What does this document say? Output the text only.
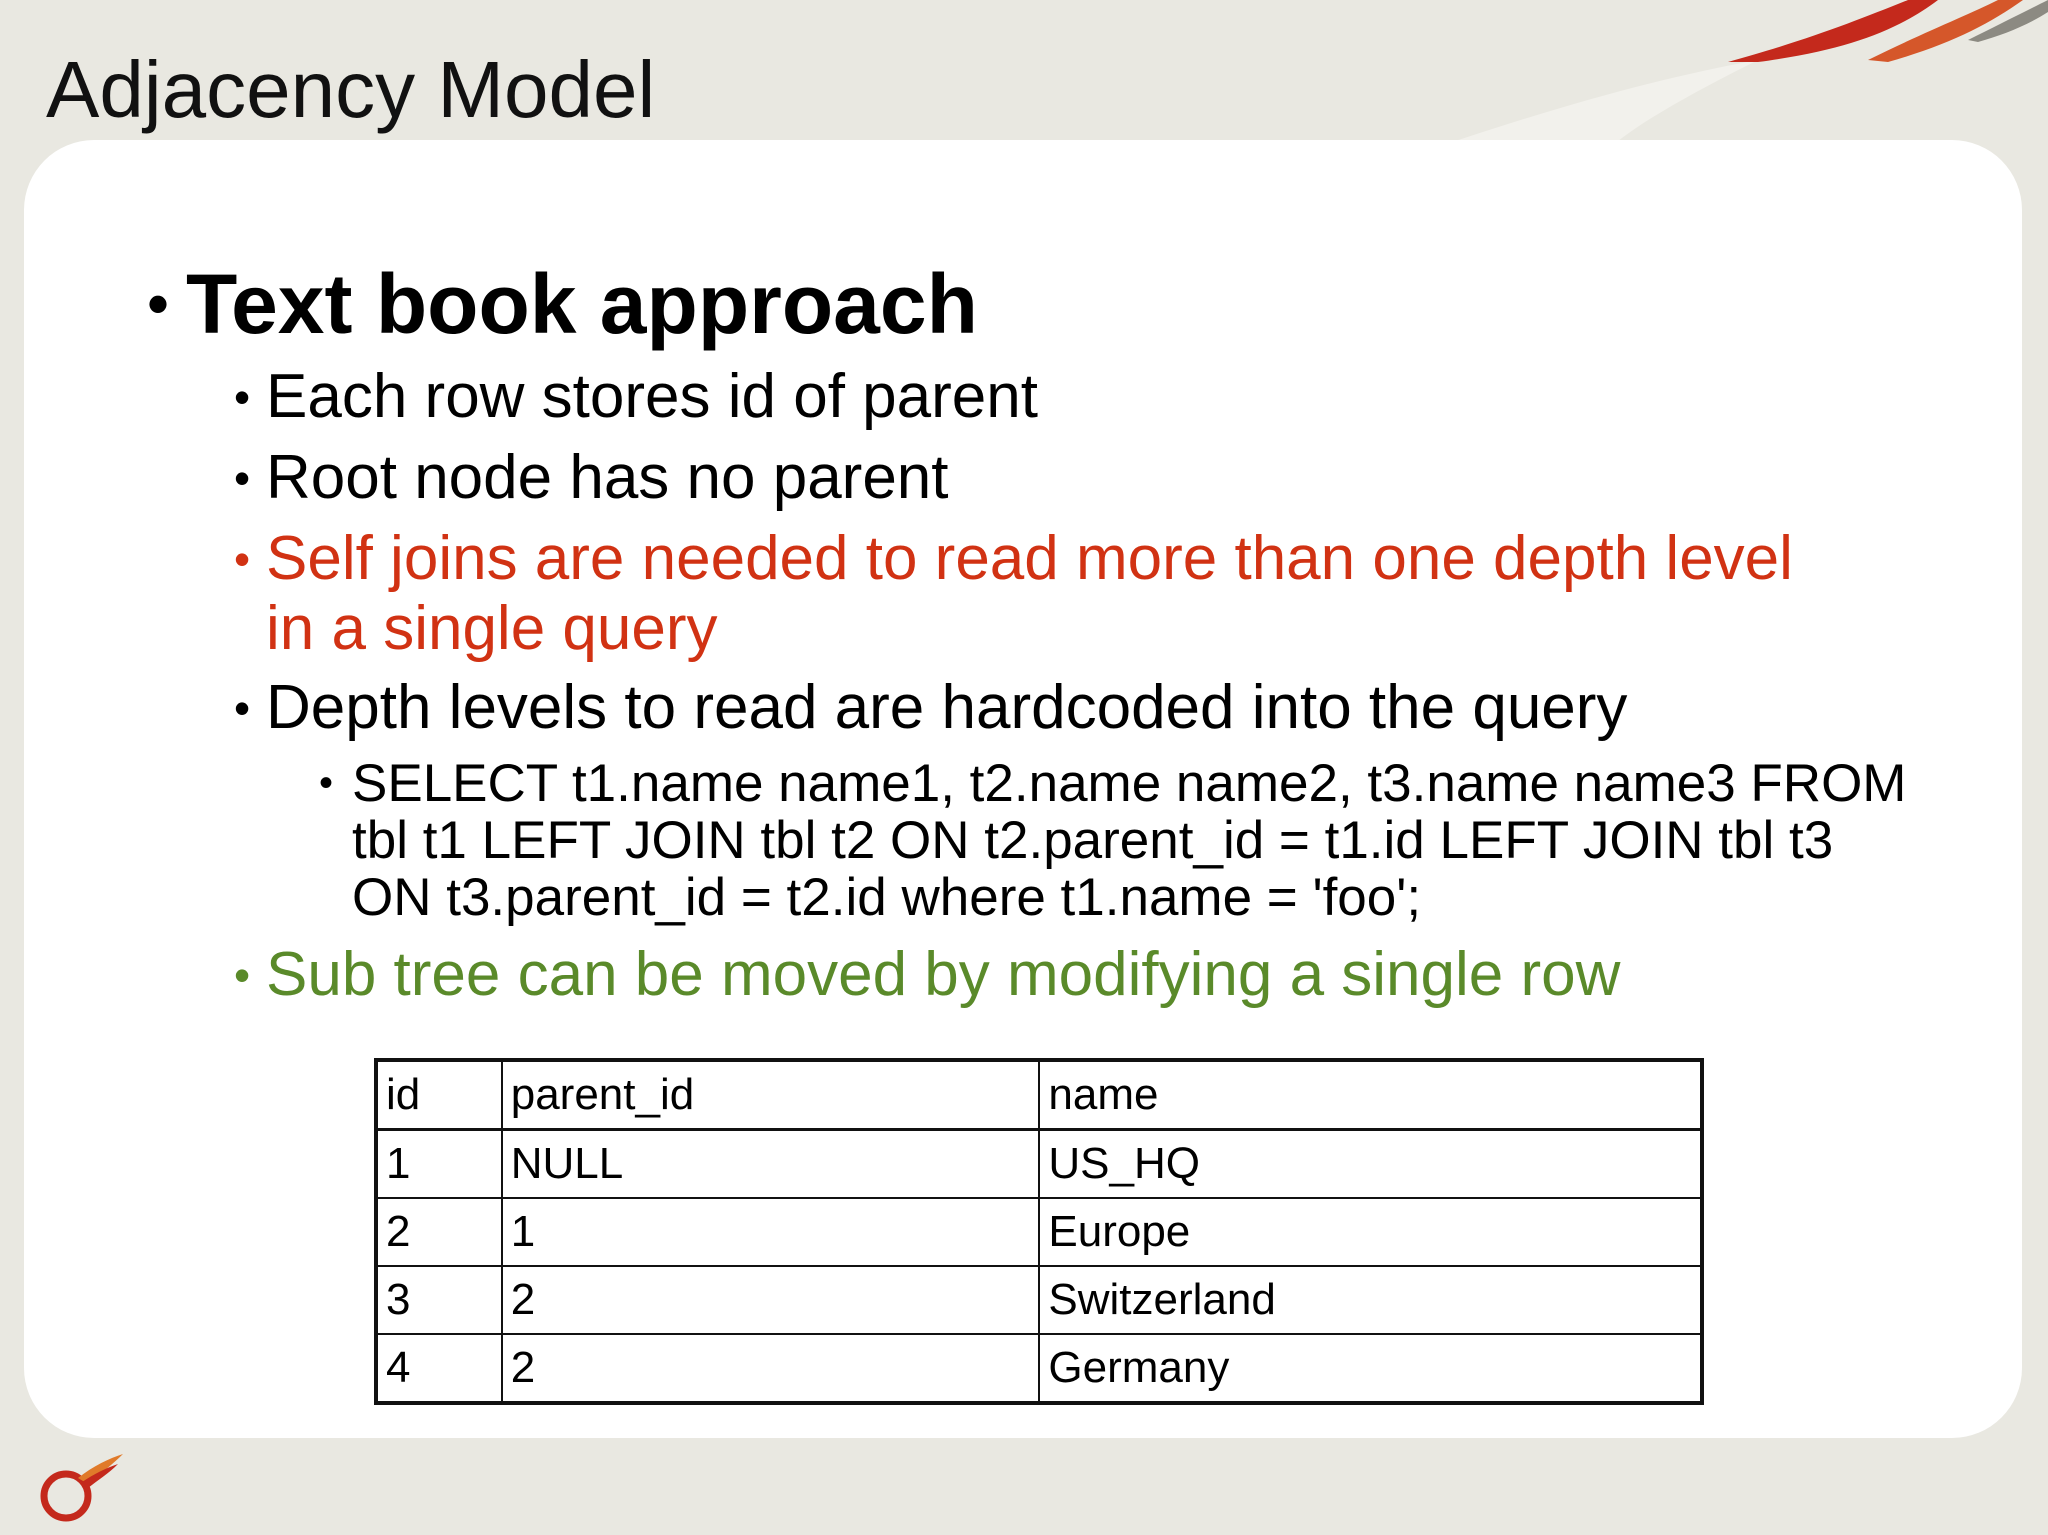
Adjacency Model
• Text book approach
• Each row stores id of parent
• Root node has no parent
• Self joins are needed to read more than one depth level in a single query
• Depth levels to read are hardcoded into the query
• SELECT t1.name name1, t2.name name2, t3.name name3 FROM tbl t1 LEFT JOIN tbl t2 ON t2.parent_id = t1.id LEFT JOIN tbl t3 ON t3.parent_id = t2.id where t1.name = 'foo';
• Sub tree can be moved by modifying a single row
id	parent_id	name
1	NULL	US_HQ
2	1	Europe
3	2	Switzerland
4	2	Germany
